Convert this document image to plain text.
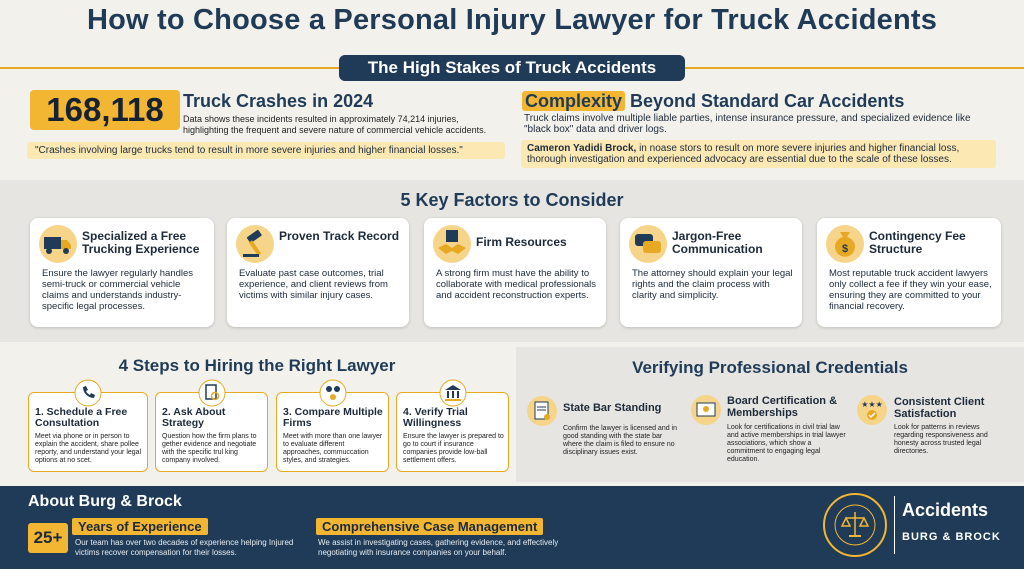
How to Choose a Personal Injury Lawyer for Truck Accidents
The High Stakes of Truck Accidents
168,118	Truck Crashes in 2024
Data shows these incidents resulted in approximately 74,214 injuries, highlighting the frequent and severe nature of commercial vehicle accidents.
"Crashes involving large trucks tend to result in more severe injuries and higher financial losses."
Complexity Beyond Standard Car Accidents
Truck claims involve multiple liable parties, intense insurance pressure, and specialized evidence like "black box" data and driver logs.
Cameron Yadidi Brock, in noase stors to result on more severe injuries and higher financial loss, thorough investigation and experienced advocacy are essential due to the scale of these losses.
5 Key Factors to Consider
Specialized a Free Trucking Experience
Ensure the lawyer regularly handles semi-truck or commercial vehicle claims and understands industry-specific legal processes.
Proven Track Record
Evaluate past case outcomes, trial experience, and client reviews from victims with similar injury cases.
Firm Resources
A strong firm must have the ability to collaborate with medical professionals and accident reconstruction experts.
Jargon-Free Communication
The attorney should explain your legal rights and the claim process with clarity and simplicity.
$
Contingency Fee Structure
Most reputable truck accident lawyers only collect a fee if they win your ease, ensuring they are committed to your financial recovery.
4 Steps to Hiring the Right Lawyer
1. Schedule a Free Consultation
Meet via phone or in person to explain the accident, share pollee reporty, and understand your legal options at no scet.
2. Ask About Strategy
Question how the firm plans to gether evidence and negotiate with the specific trul king company involved.
3. Compare Multiple Firms
Meet with more than one lawyer to evaluate different approaches, commuccation styles, and strategies.
4. Verify Trial Willingness
Ensure the lawyer is prepared to go to court if insurance companies provide low-ball settlement offers.
Verifying Professional Credentials
State Bar Standing
Confirm the lawyer is licensed and in good standing with the state bar where the claim is filed to ensure no disciplinary issues exist.
Board Certification & Memberships
Look for certifications in civil trial law and active memberships in trial lawyer associations, which show a commitment to engaging legal education.
★★★ Consistent Client Satisfaction
Look for patterns in reviews regarding responsiveness and honesty across trusted legal directories.
About Burg & Brock
25+
Years of Experience
Our team has over two decades of experience helping Injured victims recover compensation for their losses.
Comprehensive Case Management
We assist in investigating cases, gathering evidence, and effectively negotiating with insurance companies on your behalf.
Accidents
BURG & BROCK
